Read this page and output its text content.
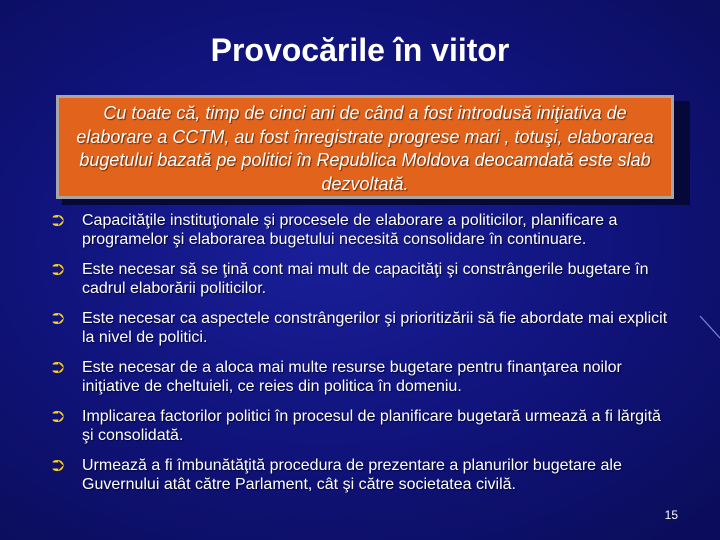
Provocările în viitor
Cu toate că, timp de cinci ani de când a fost introdusă iniţiativa de elaborare a CCTM, au fost înregistrate progrese mari , totuşi, elaborarea bugetului bazată pe politici în Republica Moldova deocamdată este slab dezvoltată.
⮊ Capacităţile instituţionale şi procesele de elaborare a politicilor, planificare a programelor şi elaborarea bugetului necesită consolidare în continuare.
⮊ Este necesar să se ţină cont mai mult de capacităţi şi constrângerile bugetare în cadrul elaborării politicilor.
⮊ Este necesar ca aspectele constrângerilor şi prioritizării să fie abordate mai explicit la nivel de politici.
⮊ Este necesar de a aloca mai multe resurse bugetare pentru finanţarea noilor iniţiative de cheltuieli, ce reies din politica în domeniu.
⮊ Implicarea factorilor politici în procesul de planificare bugetară urmează a fi lărgită şi consolidată.
⮊ Urmează a fi îmbunătăţită procedura de prezentare a planurilor bugetare ale Guvernului atât către Parlament, cât şi către societatea civilă.
15
